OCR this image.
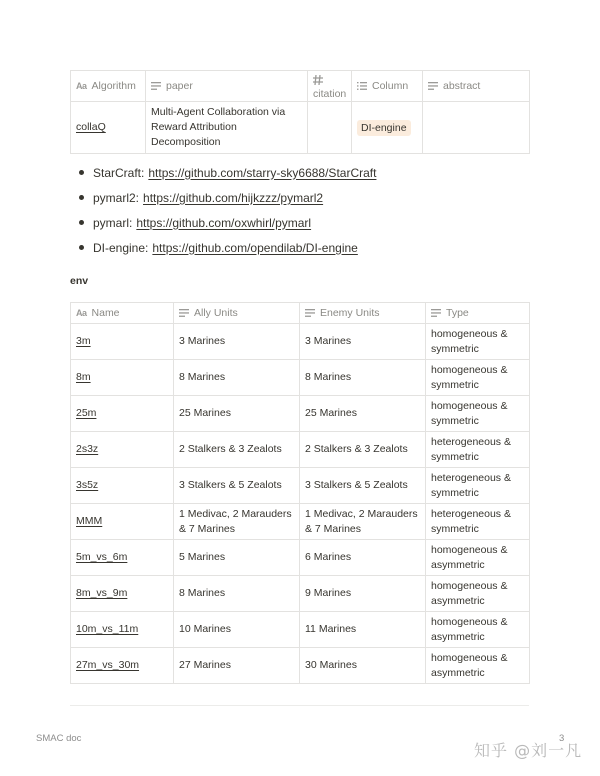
Aa Algorithm	paper	citation	Column	abstract

collaQ	Multi-Agent Collaboration via Reward Attribution Decomposition		DI-engine	
StarCraft: https://github.com/starry-sky6688/StarCraft
pymarl2: https://github.com/hijkzzz/pymarl2
pymarl: https://github.com/oxwhirl/pymarl
DI-engine: https://github.com/opendilab/DI-engine
env
Aa Name	Ally Units	Enemy Units	Type

3m	3 Marines	3 Marines	homogeneous & symmetric
8m	8 Marines	8 Marines	homogeneous & symmetric
25m	25 Marines	25 Marines	homogeneous & symmetric
2s3z	2 Stalkers & 3 Zealots	2 Stalkers & 3 Zealots	heterogeneous & symmetric
3s5z	3 Stalkers & 5 Zealots	3 Stalkers & 5 Zealots	heterogeneous & symmetric
MMM	1 Medivac, 2 Marauders & 7 Marines	1 Medivac, 2 Marauders & 7 Marines	heterogeneous & symmetric
5m_vs_6m	5 Marines	6 Marines	homogeneous & asymmetric
8m_vs_9m	8 Marines	9 Marines	homogeneous & asymmetric
10m_vs_11m	10 Marines	11 Marines	homogeneous & asymmetric
27m_vs_30m	27 Marines	30 Marines	homogeneous & asymmetric
SMAC doc	3
知乎 @刘一凡
